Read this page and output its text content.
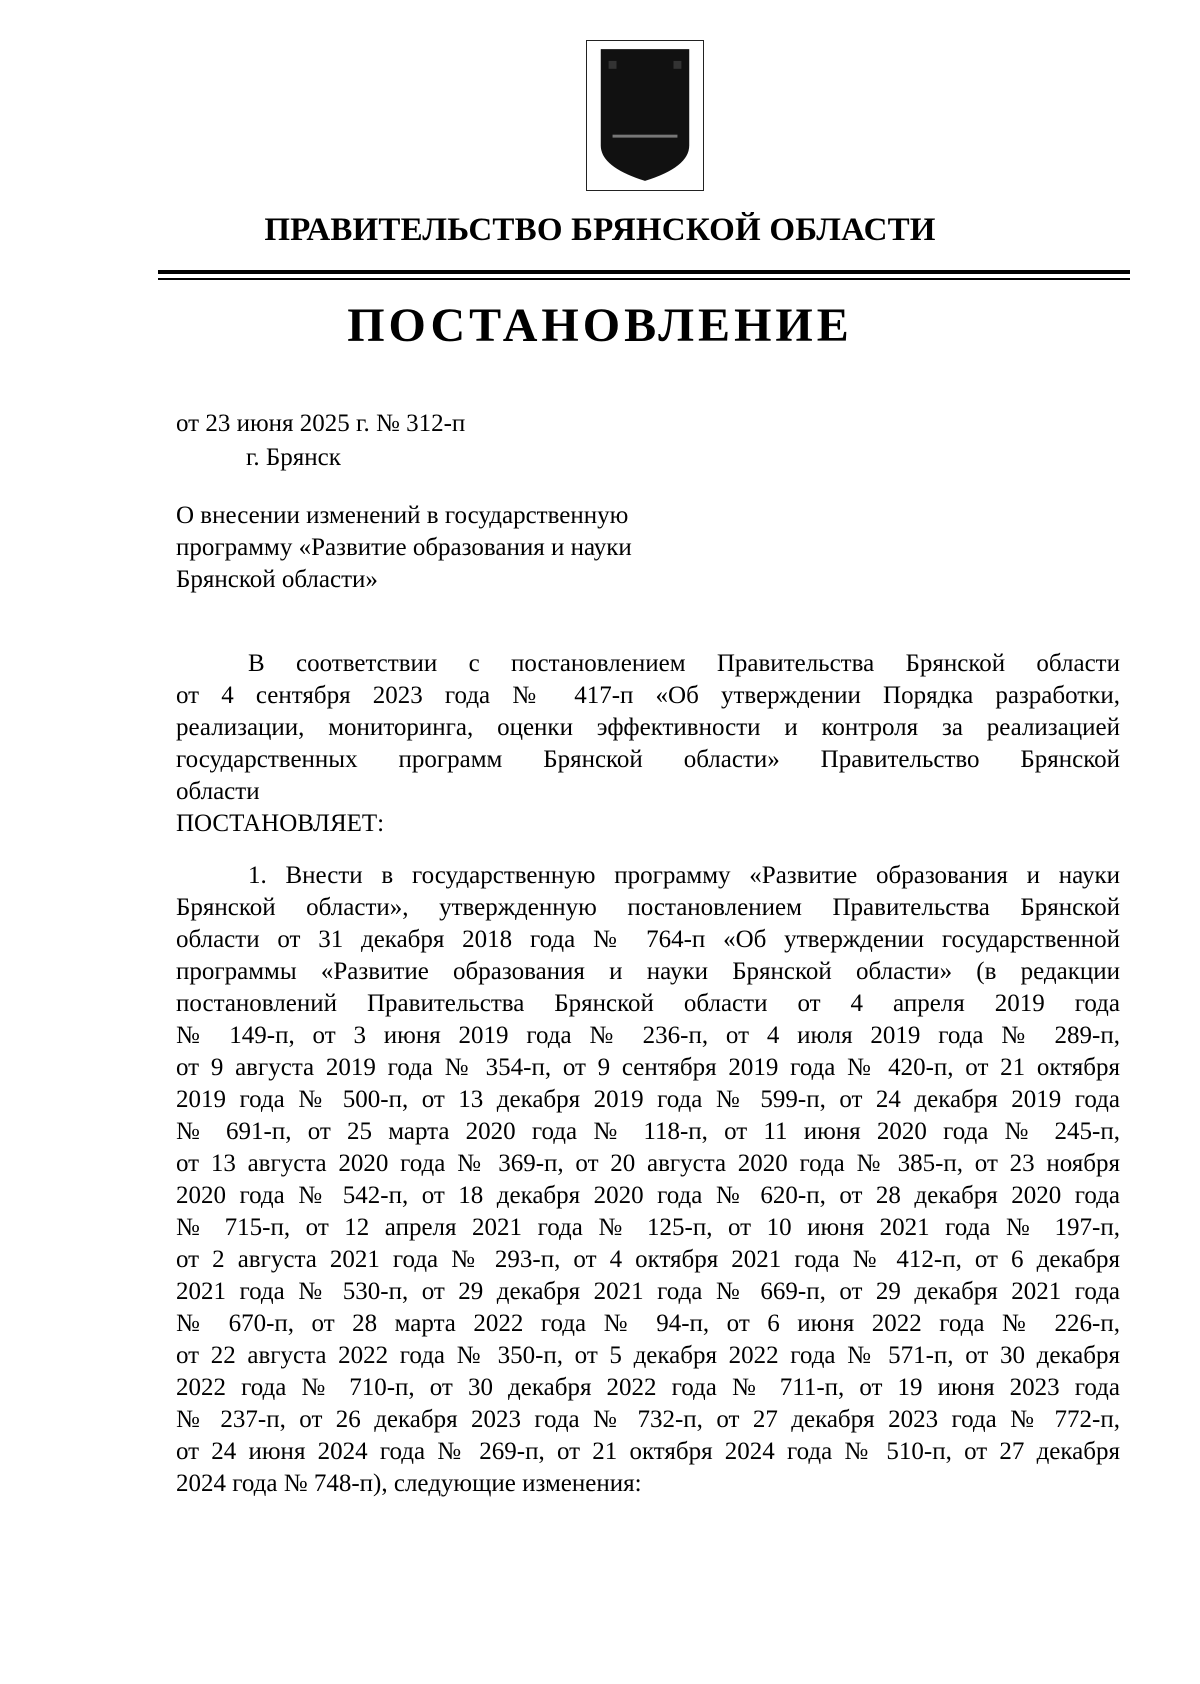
ПРАВИТЕЛЬСТВО БРЯНСКОЙ ОБЛАСТИ
ПОСТАНОВЛЕНИЕ
от 23 июня 2025 г. № 312-п
г. Брянск
О внесении изменений в государственную
программу «Развитие образования и науки
Брянской области»
В соответствии с постановлением Правительства Брянской области
от 4 сентября 2023 года № 417-п «Об утверждении Порядка разработки,
реализации, мониторинга, оценки эффективности и контроля за реализацией
государственных программ Брянской области» Правительство Брянской
области
ПОСТАНОВЛЯЕТ:
1. Внести в государственную программу «Развитие образования и науки
Брянской области», утвержденную постановлением Правительства Брянской
области от 31 декабря 2018 года № 764-п «Об утверждении государственной
программы «Развитие образования и науки Брянской области» (в редакции
постановлений Правительства Брянской области от 4 апреля 2019 года
№ 149-п, от 3 июня 2019 года № 236-п, от 4 июля 2019 года № 289-п,
от 9 августа 2019 года № 354-п, от 9 сентября 2019 года № 420-п, от 21 октября
2019 года № 500-п, от 13 декабря 2019 года № 599-п, от 24 декабря 2019 года
№ 691-п, от 25 марта 2020 года № 118-п, от 11 июня 2020 года № 245-п,
от 13 августа 2020 года № 369-п, от 20 августа 2020 года № 385-п, от 23 ноября
2020 года № 542-п, от 18 декабря 2020 года № 620-п, от 28 декабря 2020 года
№ 715-п, от 12 апреля 2021 года № 125-п, от 10 июня 2021 года № 197-п,
от 2 августа 2021 года № 293-п, от 4 октября 2021 года № 412-п, от 6 декабря
2021 года № 530-п, от 29 декабря 2021 года № 669-п, от 29 декабря 2021 года
№ 670-п, от 28 марта 2022 года № 94-п, от 6 июня 2022 года № 226-п,
от 22 августа 2022 года № 350-п, от 5 декабря 2022 года № 571-п, от 30 декабря
2022 года № 710-п, от 30 декабря 2022 года № 711-п, от 19 июня 2023 года
№ 237-п, от 26 декабря 2023 года № 732-п, от 27 декабря 2023 года № 772-п,
от 24 июня 2024 года № 269-п, от 21 октября 2024 года № 510-п, от 27 декабря
2024 года № 748-п), следующие изменения:
